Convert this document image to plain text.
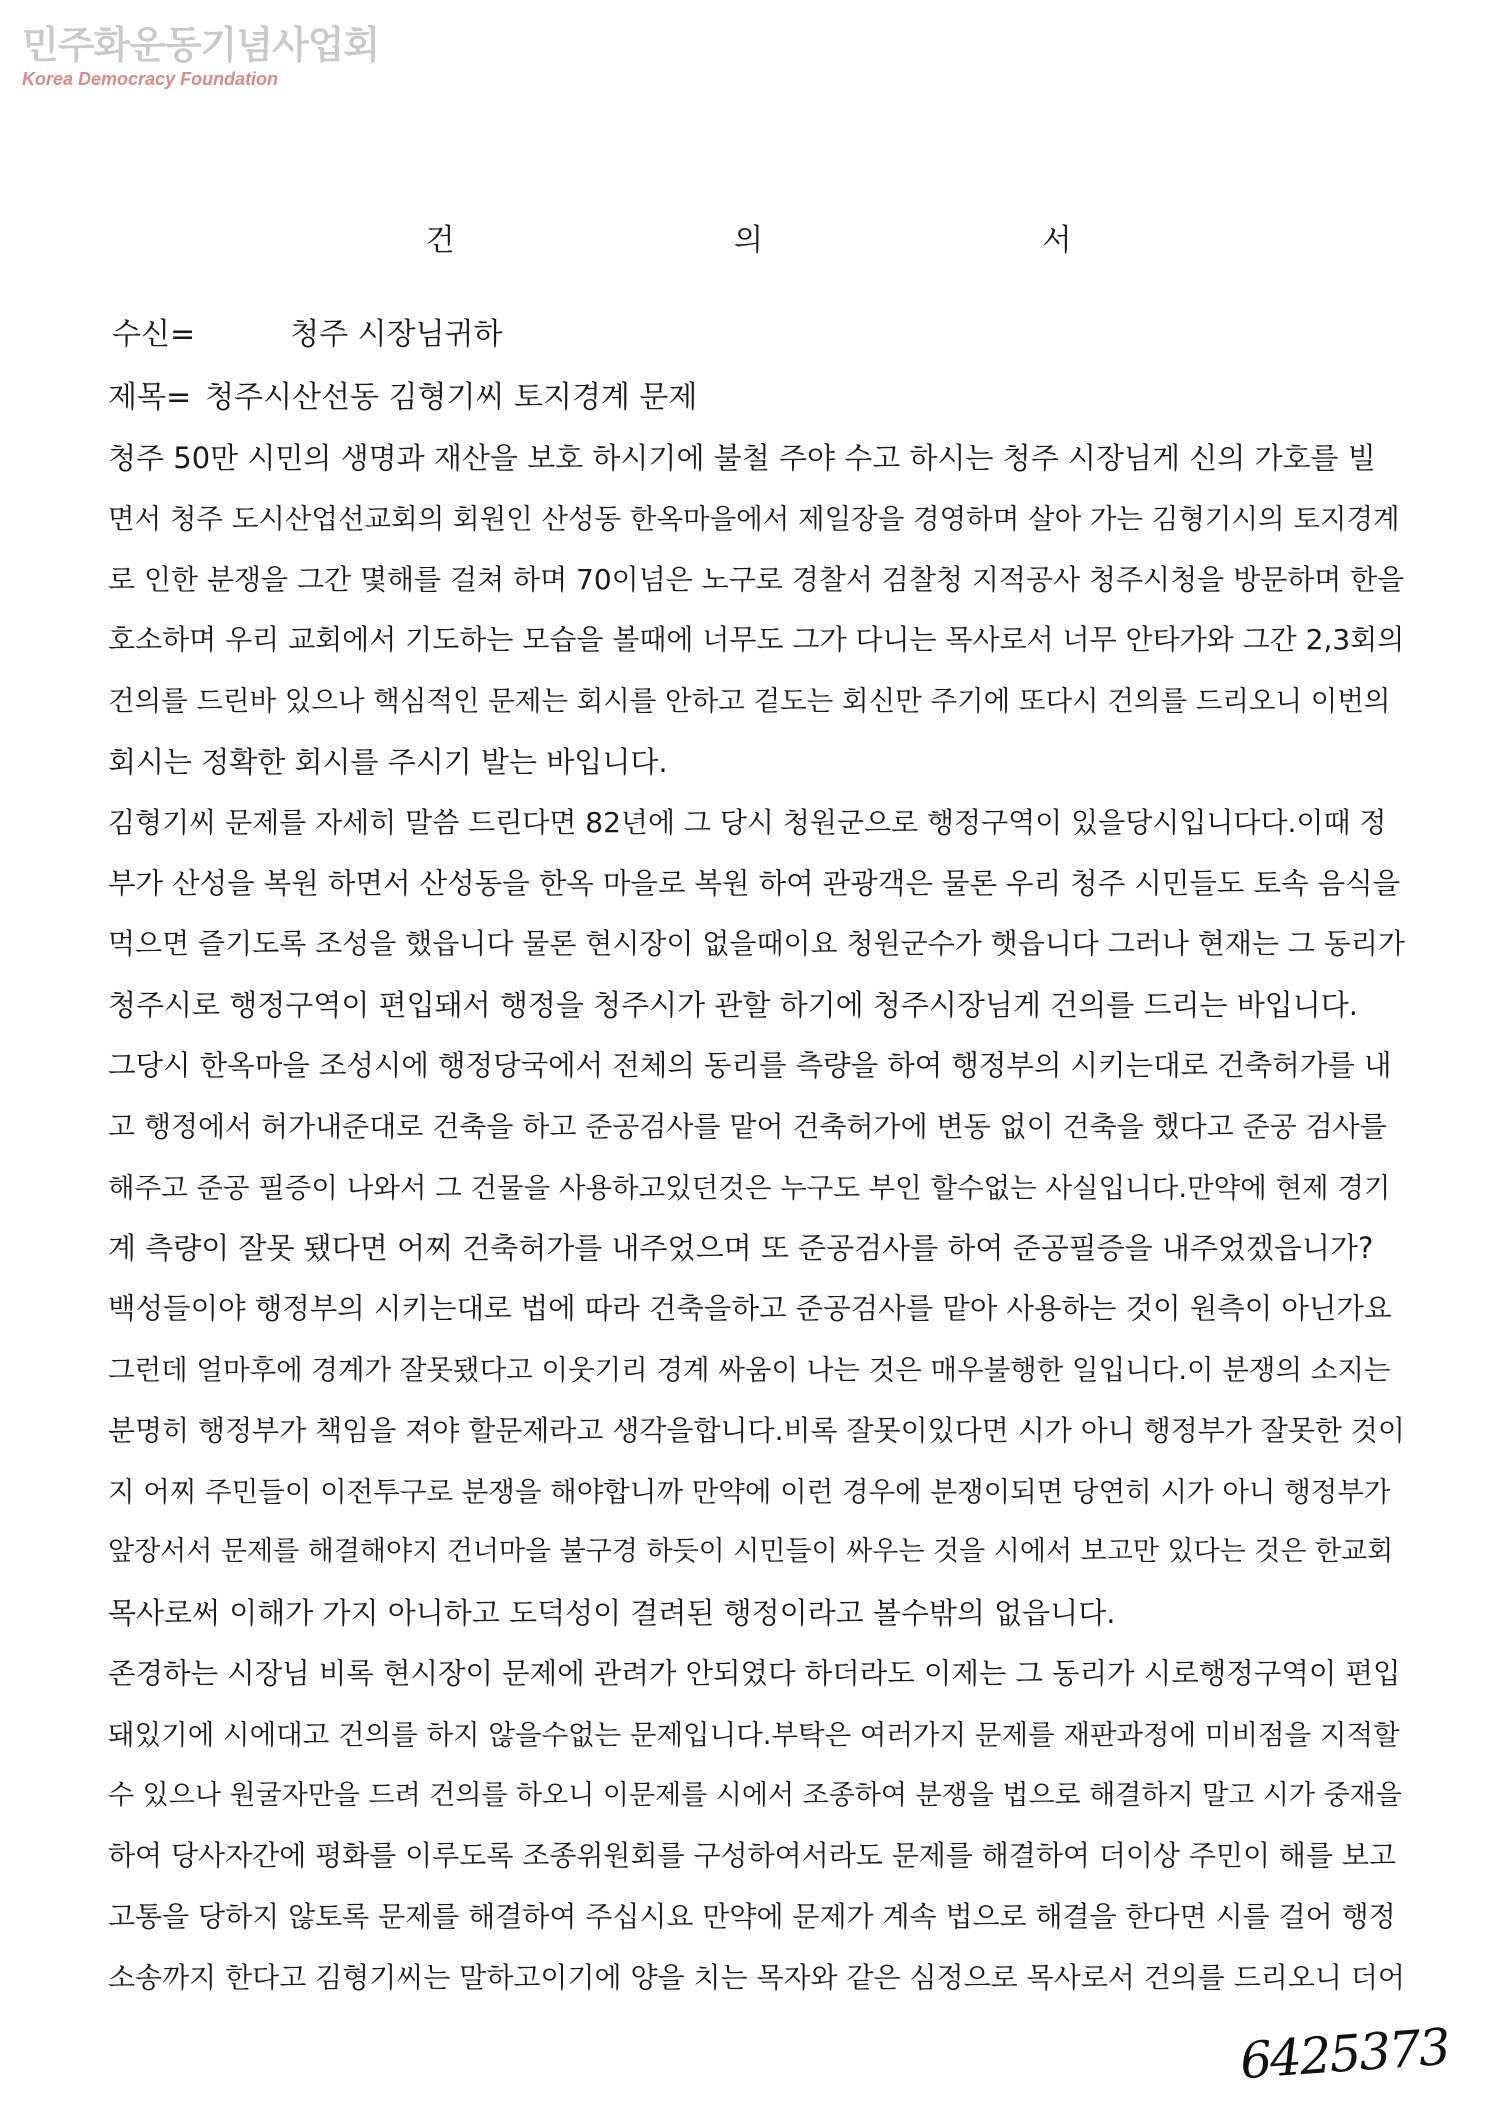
민주화운동기념사업회
Korea Democracy Foundation
건	의	서
수신=	청주 시장님귀하
제목= 청주시산선동 김형기씨 토지경계 문제
청주 50만 시민의 생명과 재산을 보호 하시기에 불철 주야 수고 하시는 청주 시장님게 신의 가호를 빌
면서 청주 도시산업선교회의 회원인 산성동 한옥마을에서 제일장을 경영하며 살아 가는 김형기시의 토지경계
로 인한 분쟁을 그간 몇해를 걸쳐 하며 70이넘은 노구로 경찰서 검찰청 지적공사 청주시청을 방문하며 한을
호소하며 우리 교회에서 기도하는 모습을 볼때에 너무도 그가 다니는 목사로서 너무 안타가와 그간 2,3회의
건의를 드린바 있으나 핵심적인 문제는 회시를 안하고 겉도는 회신만 주기에 또다시 건의를 드리오니 이번의
회시는 정확한 회시를 주시기 발는 바입니다.
김형기씨 문제를 자세히 말씀 드린다면 82년에 그 당시 청원군으로 행정구역이 있을당시입니다다.이때 정
부가 산성을 복원 하면서 산성동을 한옥 마을로 복원 하여 관광객은 물론 우리 청주 시민들도 토속 음식을
먹으면 즐기도록 조성을 했읍니다 물론 현시장이 없을때이요 청원군수가 햇읍니다 그러나 현재는 그 동리가
청주시로 행정구역이 편입돼서 행정을 청주시가 관할 하기에 청주시장님게 건의를 드리는 바입니다.
그당시 한옥마을 조성시에 행정당국에서 전체의 동리를 측량을 하여 행정부의 시키는대로 건축허가를 내
고 행정에서 허가내준대로 건축을 하고 준공검사를 맡어 건축허가에 변동 없이 건축을 했다고 준공 검사를
해주고 준공 필증이 나와서 그 건물을 사용하고있던것은 누구도 부인 할수없는 사실입니다.만약에 현제 경기
계 측량이 잘못 됐다면 어찌 건축허가를 내주었으며 또 준공검사를 하여 준공필증을 내주었겠읍니가?
백성들이야 행정부의 시키는대로 법에 따라 건축을하고 준공검사를 맡아 사용하는 것이 원측이 아닌가요
그런데 얼마후에 경계가 잘못됐다고 이웃기리 경계 싸움이 나는 것은 매우불행한 일입니다.이 분쟁의 소지는
분명히 행정부가 책임을 져야 할문제라고 생각을합니다.비록 잘못이있다면 시가 아니 행정부가 잘못한 것이
지 어찌 주민들이 이전투구로 분쟁을 해야합니까 만약에 이런 경우에 분쟁이되면 당연히 시가 아니 행정부가
앞장서서 문제를 해결해야지 건너마을 불구경 하듯이 시민들이 싸우는 것을 시에서 보고만 있다는 것은 한교회
목사로써 이해가 가지 아니하고 도덕성이 결려된 행정이라고 볼수밖의 없읍니다.
존경하는 시장님 비록 현시장이 문제에 관려가 안되였다 하더라도 이제는 그 동리가 시로행정구역이 편입
돼있기에 시에대고 건의를 하지 않을수없는 문제입니다.부탁은 여러가지 문제를 재판과정에 미비점을 지적할
수 있으나 원굴자만을 드려 건의를 하오니 이문제를 시에서 조종하여 분쟁을 법으로 해결하지 말고 시가 중재을
하여 당사자간에 평화를 이루도록 조종위원회를 구성하여서라도 문제를 해결하여 더이상 주민이 해를 보고
고통을 당하지 않토록 문제를 해결하여 주십시요 만약에 문제가 계속 법으로 해결을 한다면 시를 걸어 행정
소송까지 한다고 김형기씨는 말하고이기에 양을 치는 목자와 같은 심정으로 목사로서 건의를 드리오니 더어
6425373
